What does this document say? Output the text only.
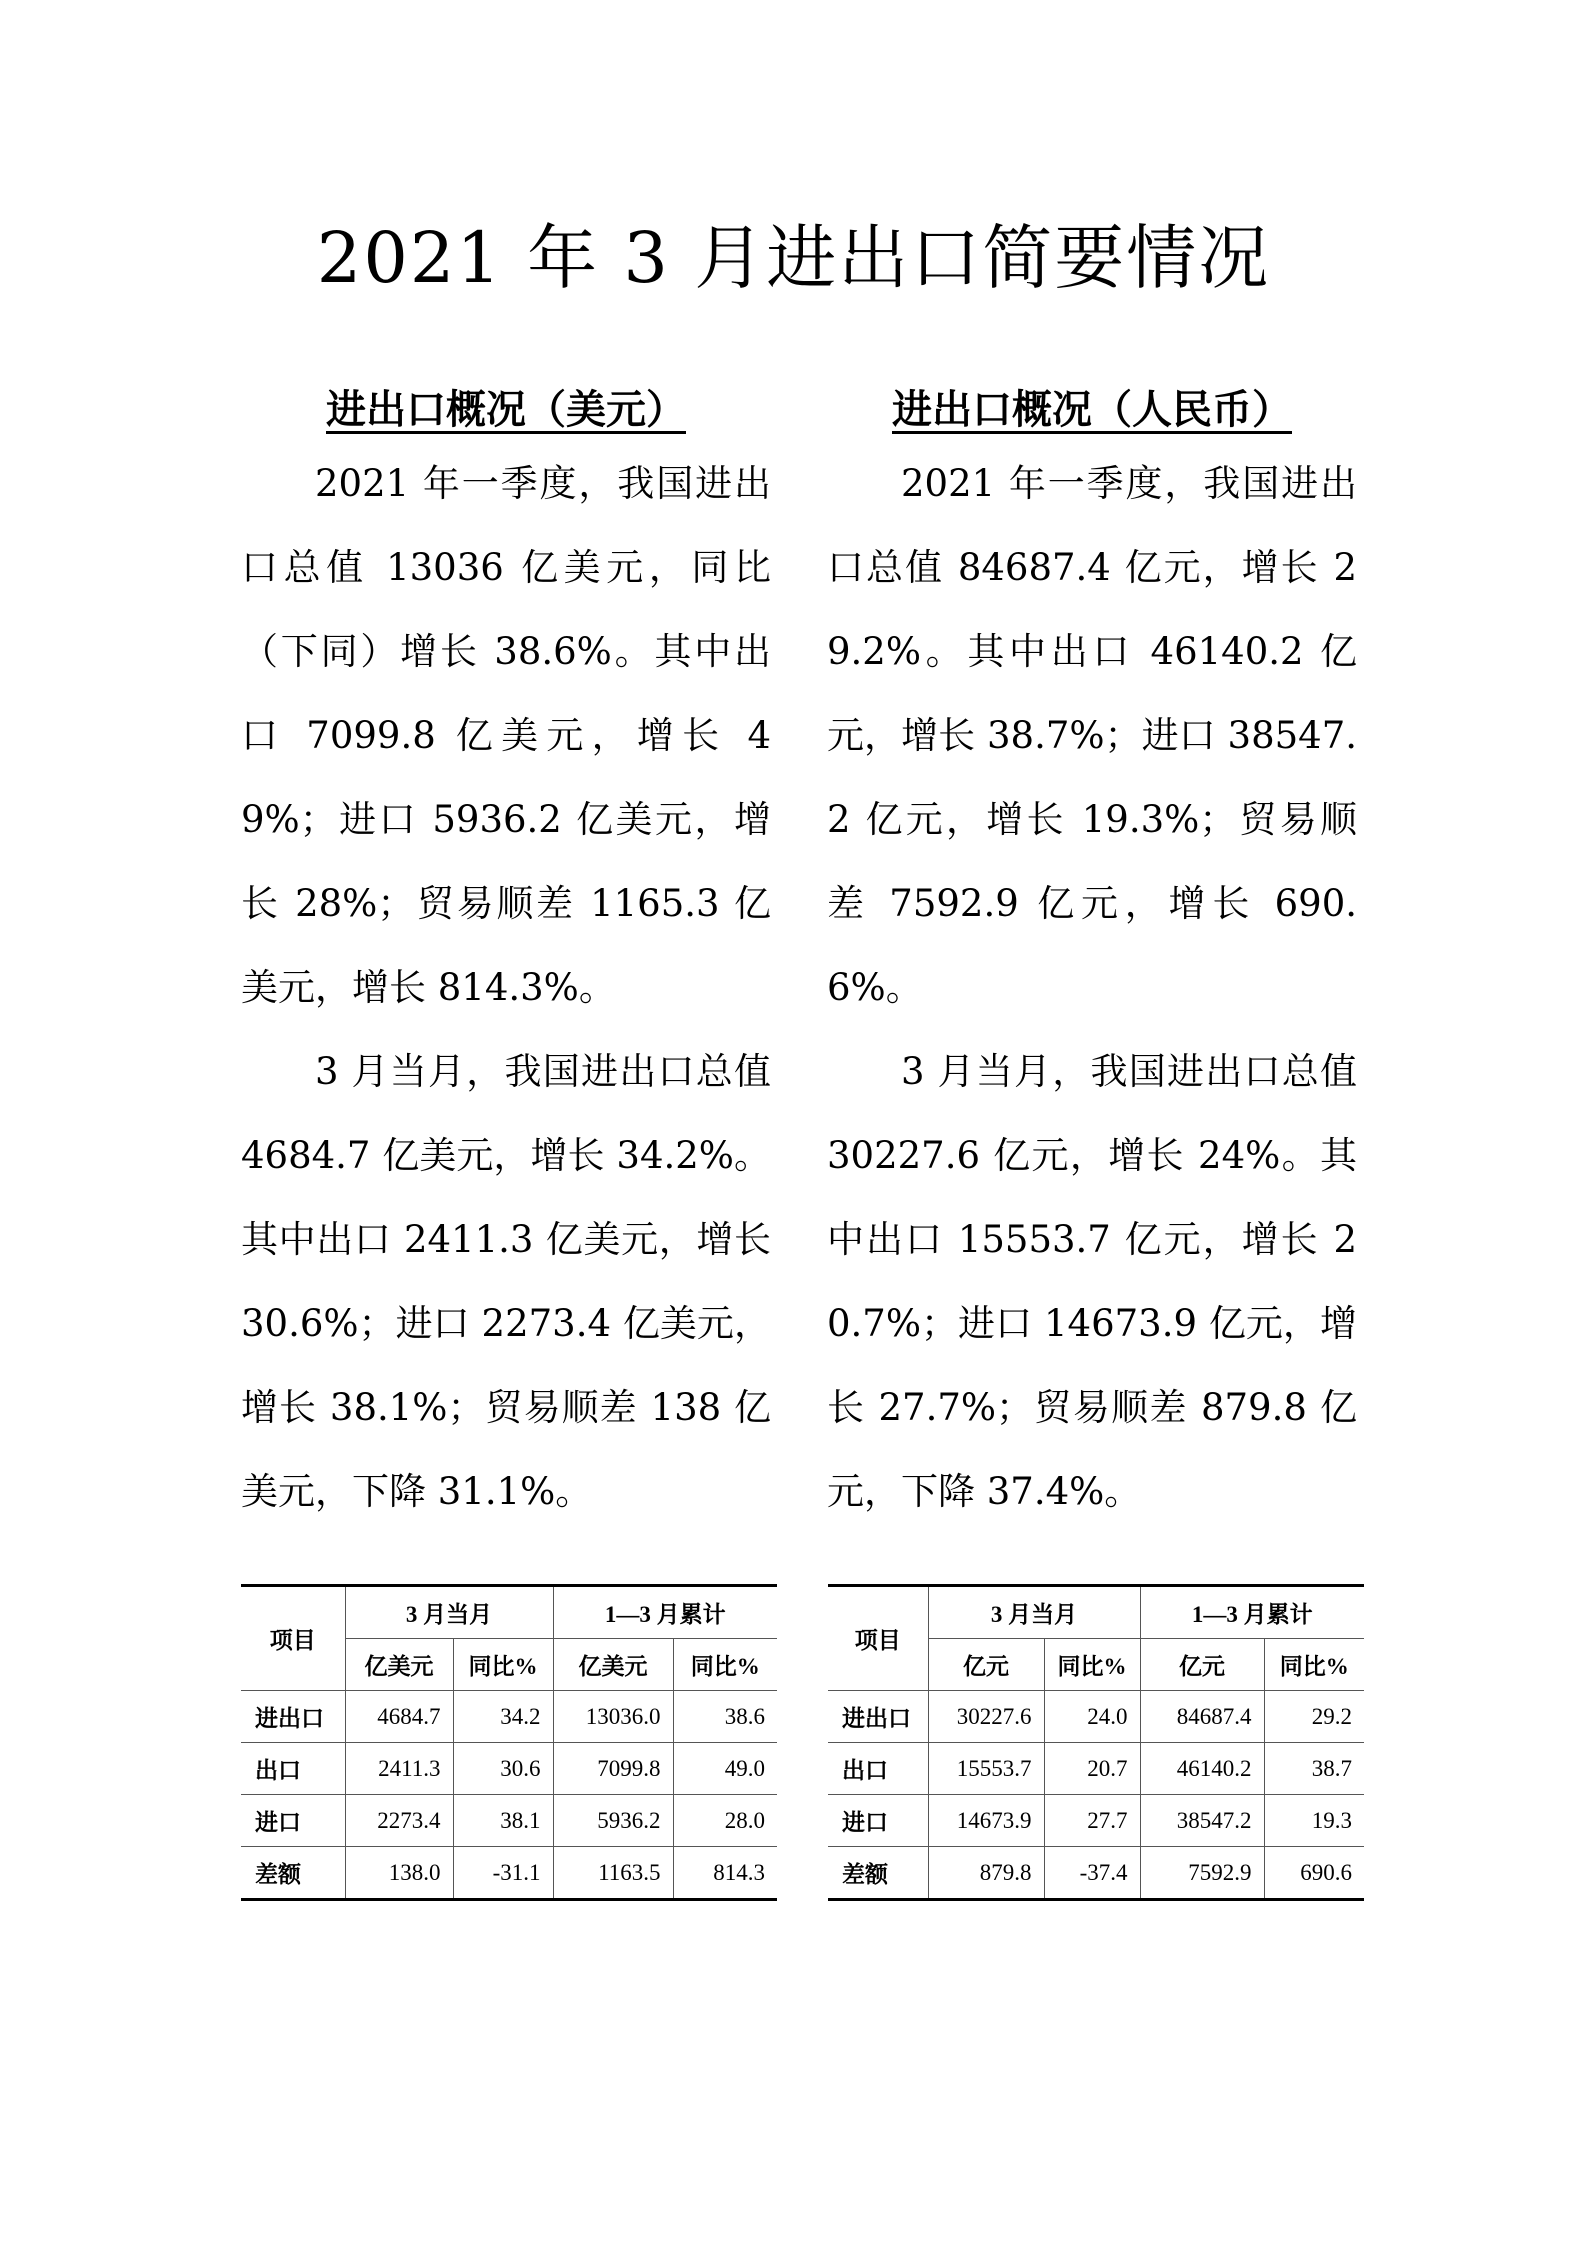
2021 年 3 月进出口简要情况
进出口概况（美元）

2021 年一季度，我国进出口总值 13036 亿美元，同比（下同）增长 38.6%。其中出口 7099.8 亿美元，增长 49%；进口 5936.2 亿美元，增长 28%；贸易顺差 1165.3 亿美元，增长 814.3%。

3 月当月，我国进出口总值 4684.7 亿美元，增长 34.2%。其中出口 2411.3 亿美元，增长 30.6%；进口 2273.4 亿美元，增长 38.1%；贸易顺差 138 亿美元，下降 31.1%。

进出口概况（人民币）

2021 年一季度，我国进出口总值 84687.4 亿元，增长 29.2%。其中出口 46140.2 亿元，增长 38.7%；进口 38547.2 亿元，增长 19.3%；贸易顺差 7592.9 亿元，增长 690.6%。

3 月当月，我国进出口总值 30227.6 亿元，增长 24%。其中出口 15553.7 亿元，增长 20.7%；进口 14673.9 亿元，增长 27.7%；贸易顺差 879.8 亿元，下降 37.4%。

项目	3 月当月		1—3 月累计	
	亿美元	同比%	亿美元	同比%
进出口	4684.7	34.2	13036.0	38.6
出口	2411.3	30.6	7099.8	49.0
进口	2273.4	38.1	5936.2	28.0
差额	138.0	-31.1	1163.5	814.3
项目	3 月当月		1—3 月累计	
	亿元	同比%	亿元	同比%
进出口	30227.6	24.0	84687.4	29.2
出口	15553.7	20.7	46140.2	38.7
进口	14673.9	27.7	38547.2	19.3
差额	879.8	-37.4	7592.9	690.6
